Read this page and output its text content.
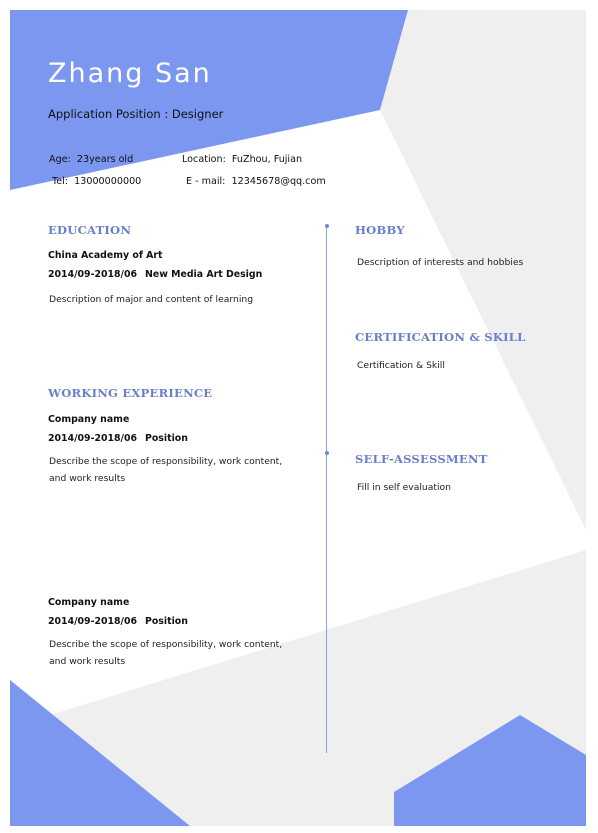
Zhang San
Application Position : Designer
Age: 23years old	Location: FuZhou, Fujian
Tel: 13000000000	E - mail: 12345678@qq.com
EDUCATION
China Academy of Art
2014/09-2018/06 New Media Art Design
Description of major and content of learning
WORKING EXPERIENCE
Company name
2014/09-2018/06 Position
Describe the scope of responsibility, work content,
and work results
Company name
2014/09-2018/06 Position
Describe the scope of responsibility, work content,
and work results
HOBBY
Description of interests and hobbies
CERTIFICATION & SKILL
Certification & Skill
SELF-ASSESSMENT
Fill in self evaluation
